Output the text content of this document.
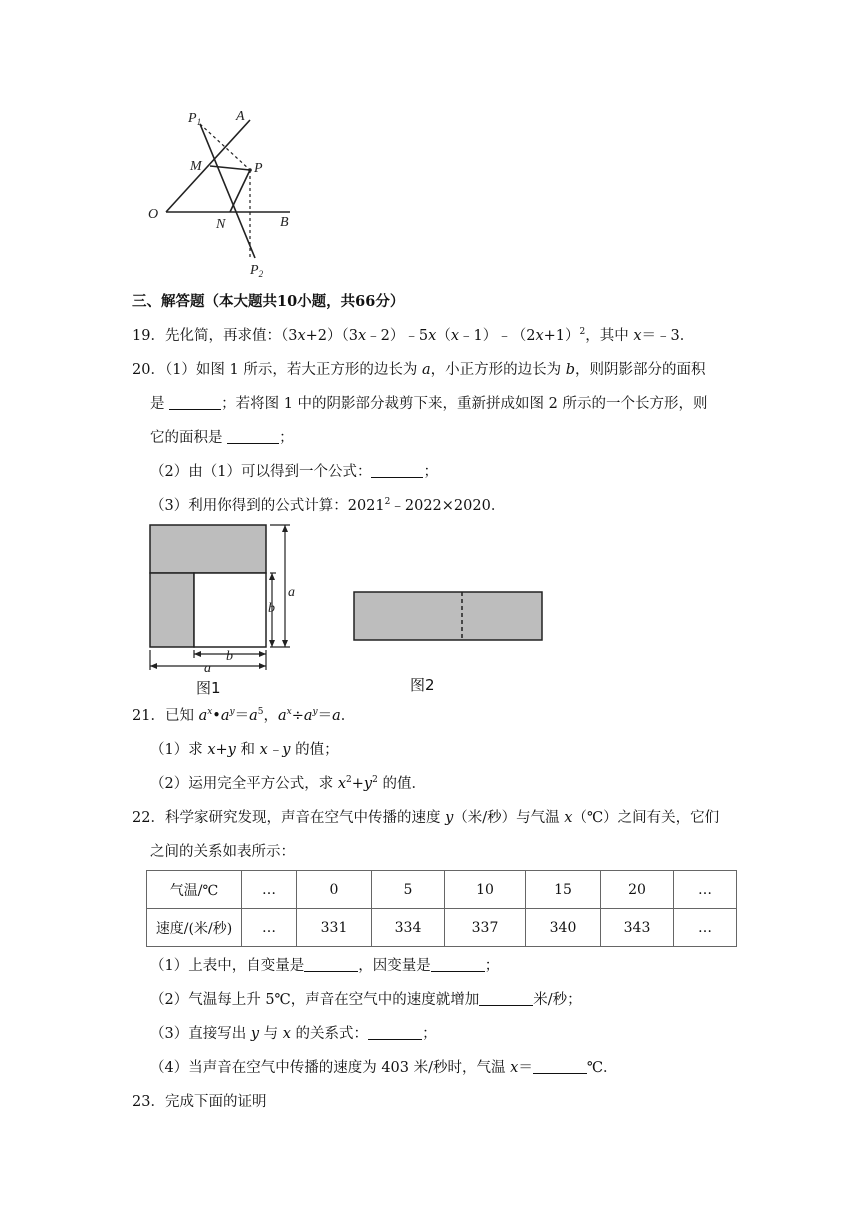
$P_1$ A
M	P
O
N	B
$P_2$
三、解答题（本大题共10小题，共66分）
19．先化简，再求值：$(3x+2)(3x﹣2)﹣5x(x﹣1)﹣(2x+1)^2$，其中 x＝﹣3．
20．（1）如图 1 所示，若大正方形的边长为 a，小正方形的边长为 b，则阴影部分的面积
是	；若将图 1 中的阴影部分裁剪下来，重新拼成如图 2 所示的一个长方形，则
它的面积是	；
（2）由（1）可以得到一个公式：	；
（3）利用你得到的公式计算：$2021^2﹣2022\times 2020$．
a
b
b
a
图1	图2
21．已知 $a^x•a^y=a^5$，$a^x\div a^y=a$．
（1）求 x+y 和 x﹣y 的值；
（2）运用完全平方公式，求 $x^2+y^2$ 的值．
22．科学家研究发现，声音在空气中传播的速度 y（米/秒）与气温 x（℃）之间有关，它们
之间的关系如表所示：
气温/℃	…	0	5	10	15	20	…
速度/(米/秒)	…	331	334	337	340	343	…
（1）上表中，自变量是	，因变量是	；
（2）气温每上升 5℃，声音在空气中的速度就增加	米/秒；
（3）直接写出 y 与 x 的关系式：	；
（4）当声音在空气中传播的速度为 403 米/秒时，气温 x＝	℃．
23．完成下面的证明
